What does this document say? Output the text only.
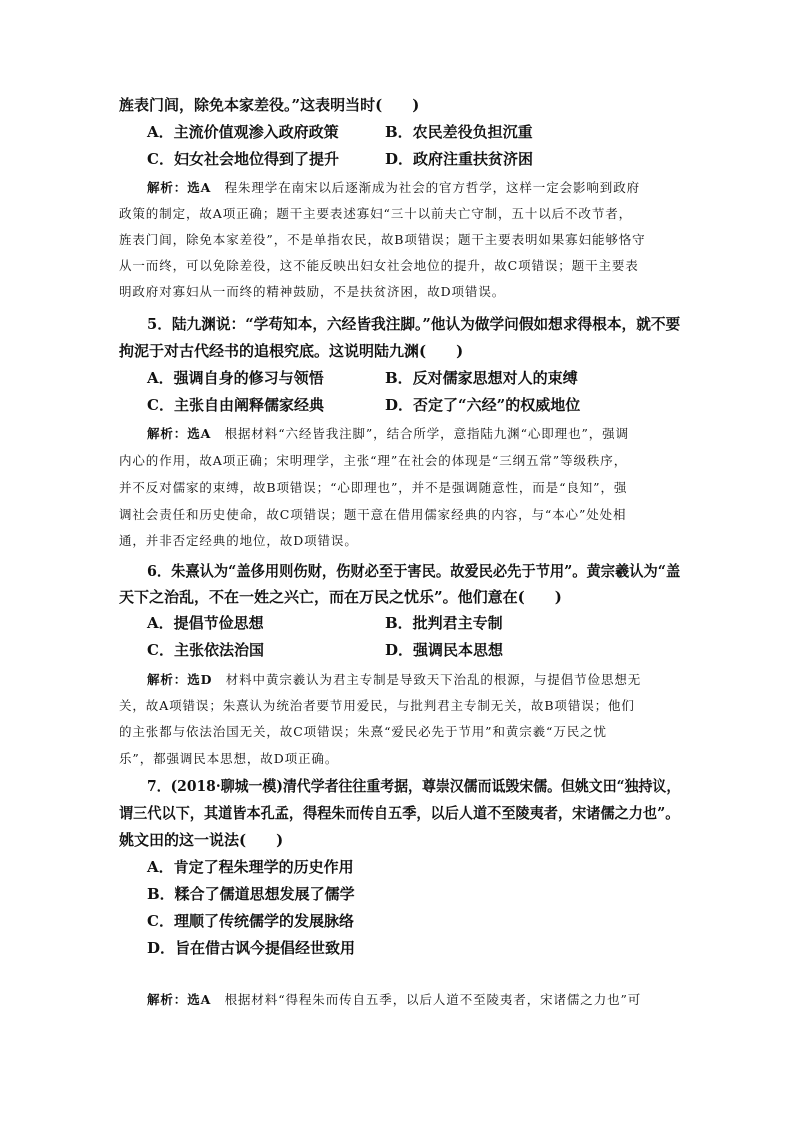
旌表门闾，除免本家差役。”这表明当时(　　)
A．主流价值观渗入政府政策	B．农民差役负担沉重
C．妇女社会地位得到了提升	D．政府注重扶贫济困
解析：选A　程朱理学在南宋以后逐渐成为社会的官方哲学，这样一定会影响到政府
政策的制定，故A项正确；题干主要表述寡妇“三十以前夫亡守制，五十以后不改节者，
旌表门闾，除免本家差役”，不是单指农民，故B项错误；题干主要表明如果寡妇能够恪守
从一而终，可以免除差役，这不能反映出妇女社会地位的提升，故C项错误；题干主要表
明政府对寡妇从一而终的精神鼓励，不是扶贫济困，故D项错误。
5．陆九渊说：“学苟知本，六经皆我注脚。”他认为做学问假如想求得根本，就不要
拘泥于对古代经书的追根究底。这说明陆九渊(　　)
A．强调自身的修习与领悟	B．反对儒家思想对人的束缚
C．主张自由阐释儒家经典	D．否定了“六经”的权威地位
解析：选A　根据材料“六经皆我注脚”，结合所学，意指陆九渊“心即理也”，强调
内心的作用，故A项正确；宋明理学，主张“理”在社会的体现是“三纲五常”等级秩序，
并不反对儒家的束缚，故B项错误；“心即理也”，并不是强调随意性，而是“良知”，强
调社会责任和历史使命，故C项错误；题干意在借用儒家经典的内容，与“本心”处处相
通，并非否定经典的地位，故D项错误。
6．朱熹认为“盖侈用则伤财，伤财必至于害民。故爱民必先于节用”。黄宗羲认为“盖
天下之治乱，不在一姓之兴亡，而在万民之忧乐”。他们意在(　　)
A．提倡节俭思想	B．批判君主专制
C．主张依法治国	D．强调民本思想
解析：选D　材料中黄宗羲认为君主专制是导致天下治乱的根源，与提倡节俭思想无
关，故A项错误；朱熹认为统治者要节用爱民，与批判君主专制无关，故B项错误；他们
的主张都与依法治国无关，故C项错误；朱熹“爱民必先于节用”和黄宗羲“万民之忧
乐”，都强调民本思想，故D项正确。
7．(2018·聊城一模)清代学者往往重考据，尊崇汉儒而诋毁宋儒。但姚文田“独持议，
谓三代以下，其道皆本孔孟，得程朱而传自五季，以后人道不至陵夷者，宋诸儒之力也”。
姚文田的这一说法(　　)
A．肯定了程朱理学的历史作用
B．糅合了儒道思想发展了儒学
C．理顺了传统儒学的发展脉络
D．旨在借古讽今提倡经世致用
解析：选A　根据材料“得程朱而传自五季，以后人道不至陵夷者，宋诸儒之力也”可
